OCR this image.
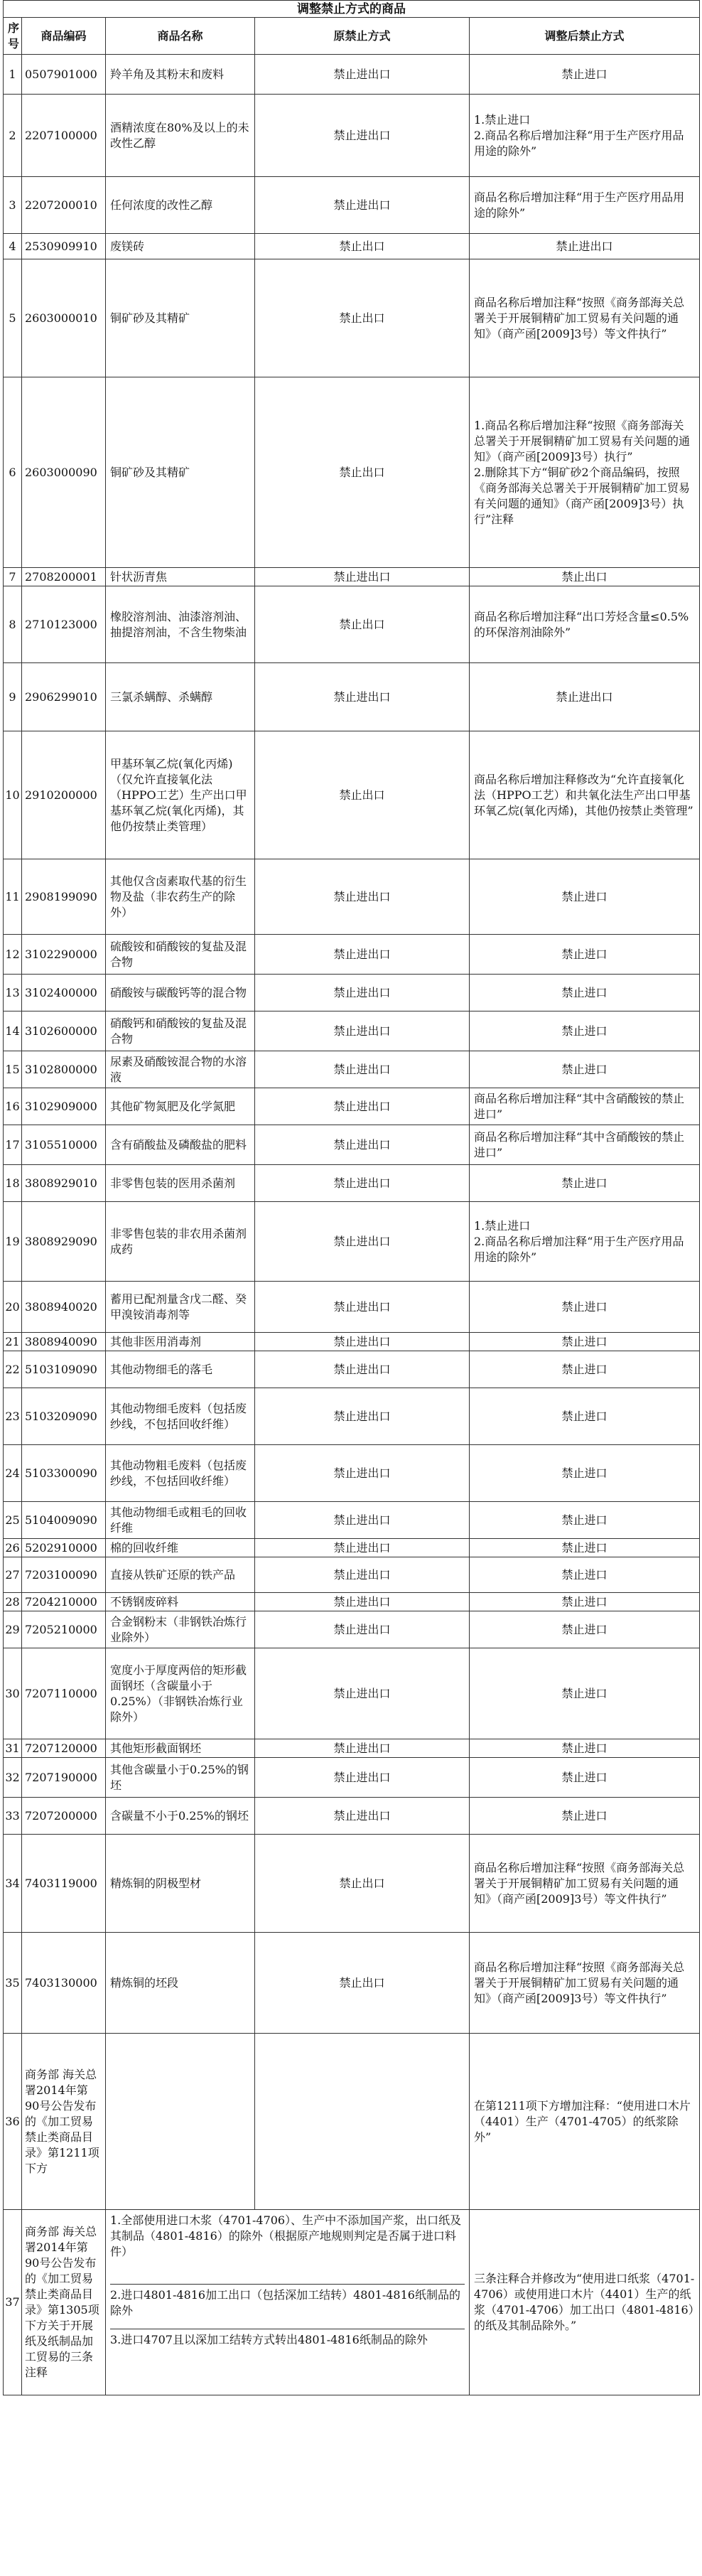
调整禁止方式的商品				
序号	商品编码	商品名称	原禁止方式	调整后禁止方式
1	0507901000	羚羊角及其粉末和废料	禁止进出口	禁止进口

2	2207100000	酒精浓度在80%及以上的未改性乙醇	禁止进出口	1.禁止进口
2.商品名称后增加注释“用于生产医疗用品用途的除外”

3	2207200010	任何浓度的改性乙醇	禁止进出口	商品名称后增加注释“用于生产医疗用品用途的除外”

4	2530909910	废镁砖	禁止出口	禁止进出口

5	2603000010	铜矿砂及其精矿	禁止出口	商品名称后增加注释“按照《商务部海关总署关于开展铜精矿加工贸易有关问题的通知》（商产函[2009]3号）等文件执行”

6	2603000090	铜矿砂及其精矿	禁止出口	1.商品名称后增加注释“按照《商务部海关总署关于开展铜精矿加工贸易有关问题的通知》（商产函[2009]3号）执行”
2.删除其下方“铜矿砂2个商品编码，按照《商务部海关总署关于开展铜精矿加工贸易有关问题的通知》（商产函[2009]3号）执行”注释

7	2708200001	针状沥青焦	禁止进出口	禁止出口

8	2710123000	橡胶溶剂油、油漆溶剂油、抽提溶剂油，不含生物柴油	禁止出口	商品名称后增加注释“出口芳烃含量≤0.5%的环保溶剂油除外”

9	2906299010	三氯杀螨醇、杀螨醇	禁止进出口	禁止进出口

10	2910200000	甲基环氧乙烷(氧化丙烯)（仅允许直接氧化法（HPPO工艺）生产出口甲基环氧乙烷(氧化丙烯)，其他仍按禁止类管理）	禁止出口	商品名称后增加注释修改为“允许直接氧化法（HPPO工艺）和共氧化法生产出口甲基环氧乙烷(氧化丙烯)，其他仍按禁止类管理”

11	2908199090	其他仅含卤素取代基的衍生物及盐（非农药生产的除外）	禁止进出口	禁止进口

12	3102290000	硫酸铵和硝酸铵的复盐及混合物	禁止进出口	禁止进口

13	3102400000	硝酸铵与碳酸钙等的混合物	禁止进出口	禁止进口

14	3102600000	硝酸钙和硝酸铵的复盐及混合物	禁止进出口	禁止进口

15	3102800000	尿素及硝酸铵混合物的水溶液	禁止进出口	禁止进口

16	3102909000	其他矿物氮肥及化学氮肥	禁止进出口	商品名称后增加注释“其中含硝酸铵的禁止进口”

17	3105510000	含有硝酸盐及磷酸盐的肥料	禁止进出口	商品名称后增加注释“其中含硝酸铵的禁止进口”

18	3808929010	非零售包装的医用杀菌剂	禁止进出口	禁止进口

19	3808929090	非零售包装的非农用杀菌剂成药	禁止进出口	1.禁止进口
2.商品名称后增加注释“用于生产医疗用品用途的除外”

20	3808940020	蓄用已配剂量含戊二醛、癸甲溴铵消毒剂等	禁止进出口	禁止进口

21	3808940090	其他非医用消毒剂	禁止进出口	禁止进口

22	5103109090	其他动物细毛的落毛	禁止进出口	禁止进口

23	5103209090	其他动物细毛废料（包括废纱线，不包括回收纤维）	禁止进出口	禁止进口

24	5103300090	其他动物粗毛废料（包括废纱线，不包括回收纤维）	禁止进出口	禁止进口

25	5104009090	其他动物细毛或粗毛的回收纤维	禁止进出口	禁止进口

26	5202910000	棉的回收纤维	禁止进出口	禁止进口

27	7203100090	直接从铁矿还原的铁产品	禁止进出口	禁止进口

28	7204210000	不锈钢废碎料	禁止进出口	禁止进口

29	7205210000	合金钢粉末（非钢铁冶炼行业除外）	禁止进出口	禁止进口

30	7207110000	宽度小于厚度两倍的矩形截面钢坯（含碳量小于0.25%）（非钢铁冶炼行业除外）	禁止进出口	禁止进口

31	7207120000	其他矩形截面钢坯	禁止进出口	禁止进口

32	7207190000	其他含碳量小于0.25%的钢坯	禁止进出口	禁止进口

33	7207200000	含碳量不小于0.25%的钢坯	禁止进出口	禁止进口

34	7403119000	精炼铜的阴极型材	禁止出口	商品名称后增加注释“按照《商务部海关总署关于开展铜精矿加工贸易有关问题的通知》（商产函[2009]3号）等文件执行”

35	7403130000	精炼铜的坯段	禁止出口	商品名称后增加注释“按照《商务部海关总署关于开展铜精矿加工贸易有关问题的通知》（商产函[2009]3号）等文件执行”

36	商务部 海关总署2014年第90号公告发布的《加工贸易禁止类商品目录》第1211项下方			在第1211项下方增加注释：“使用进口木片（4401）生产（4701-4705）的纸浆除外”

37	商务部 海关总署2014年第90号公告发布的《加工贸易禁止类商品目录》第1305项下方关于开展纸及纸制品加工贸易的三条注释	1.全部使用进口木浆（4701-4706）、生产中不添加国产浆，出口纸及其制品（4801-4816）的除外（根据原产地规则判定是否属于进口料件）
2.进口4801-4816加工出口（包括深加工结转）4801-4816纸制品的除外
3.进口4707且以深加工结转方式转出4801-4816纸制品的除外		三条注释合并修改为“使用进口纸浆（4701-4706）或使用进口木片（4401）生产的纸浆（4701-4706）加工出口（4801-4816）的纸及其制品除外。”
